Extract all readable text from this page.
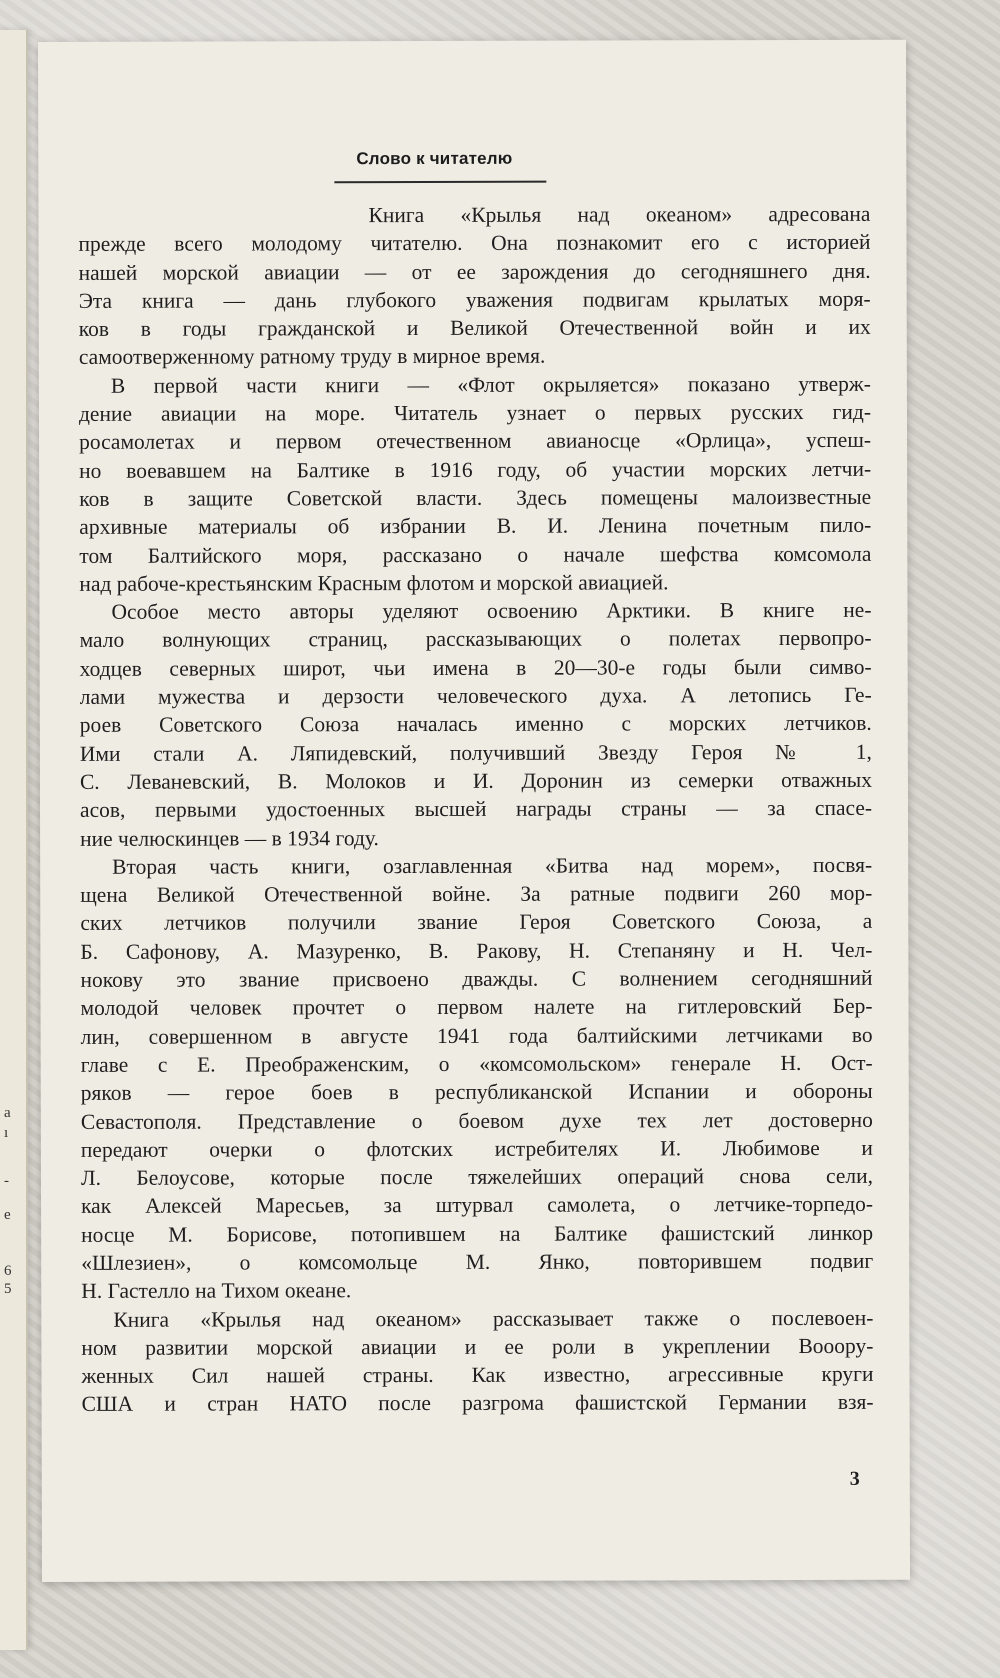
а
ı
-
е
6
5
Слово к читателю
Книга «Крылья над океаном» адресована
прежде всего молодому читателю. Она познакомит его с историей
нашей морской авиации — от ее зарождения до сегодняшнего дня.
Эта книга — дань глубокого уважения подвигам крылатых моря-
ков в годы гражданской и Великой Отечественной войн и их
самоотверженному ратному труду в мирное время.
В первой части книги — «Флот окрыляется» показано утверж-
дение авиации на море. Читатель узнает о первых русских гид-
росамолетах и первом отечественном авианосце «Орлица», успеш-
но воевавшем на Балтике в 1916 году, об участии морских летчи-
ков в защите Советской власти. Здесь помещены малоизвестные
архивные материалы об избрании В. И. Ленина почетным пило-
том Балтийского моря, рассказано о начале шефства комсомола
над рабоче-крестьянским Красным флотом и морской авиацией.
Особое место авторы уделяют освоению Арктики. В книге не-
мало волнующих страниц, рассказывающих о полетах первопро-
ходцев северных широт, чьи имена в 20—30-е годы были симво-
лами мужества и дерзости человеческого духа. А летопись Ге-
роев Советского Союза началась именно с морских летчиков.
Ими стали А. Ляпидевский, получивший Звезду Героя № 1,
С. Леваневский, В. Молоков и И. Доронин из семерки отважных
асов, первыми удостоенных высшей награды страны — за спасе-
ние челюскинцев — в 1934 году.
Вторая часть книги, озаглавленная «Битва над морем», посвя-
щена Великой Отечественной войне. За ратные подвиги 260 мор-
ских летчиков получили звание Героя Советского Союза, а
Б. Сафонову, А. Мазуренко, В. Ракову, Н. Степаняну и Н. Чел-
нокову это звание присвоено дважды. С волнением сегодняшний
молодой человек прочтет о первом налете на гитлеровский Бер-
лин, совершенном в августе 1941 года балтийскими летчиками во
главе с Е. Преображенским, о «комсомольском» генерале Н. Ост-
ряков — герое боев в республиканской Испании и обороны
Севастополя. Представление о боевом духе тех лет достоверно
передают очерки о флотских истребителях И. Любимове и
Л. Белоусове, которые после тяжелейших операций снова сели,
как Алексей Маресьев, за штурвал самолета, о летчике-торпедо-
носце М. Борисове, потопившем на Балтике фашистский линкор
«Шлезиен», о комсомольце М. Янко, повторившем подвиг
Н. Гастелло на Тихом океане.
Книга «Крылья над океаном» рассказывает также о послевоен-
ном развитии морской авиации и ее роли в укреплении Вооору-
женных Сил нашей страны. Как известно, агрессивные круги
США и стран НАТО после разгрома фашистской Германии взя-
3
